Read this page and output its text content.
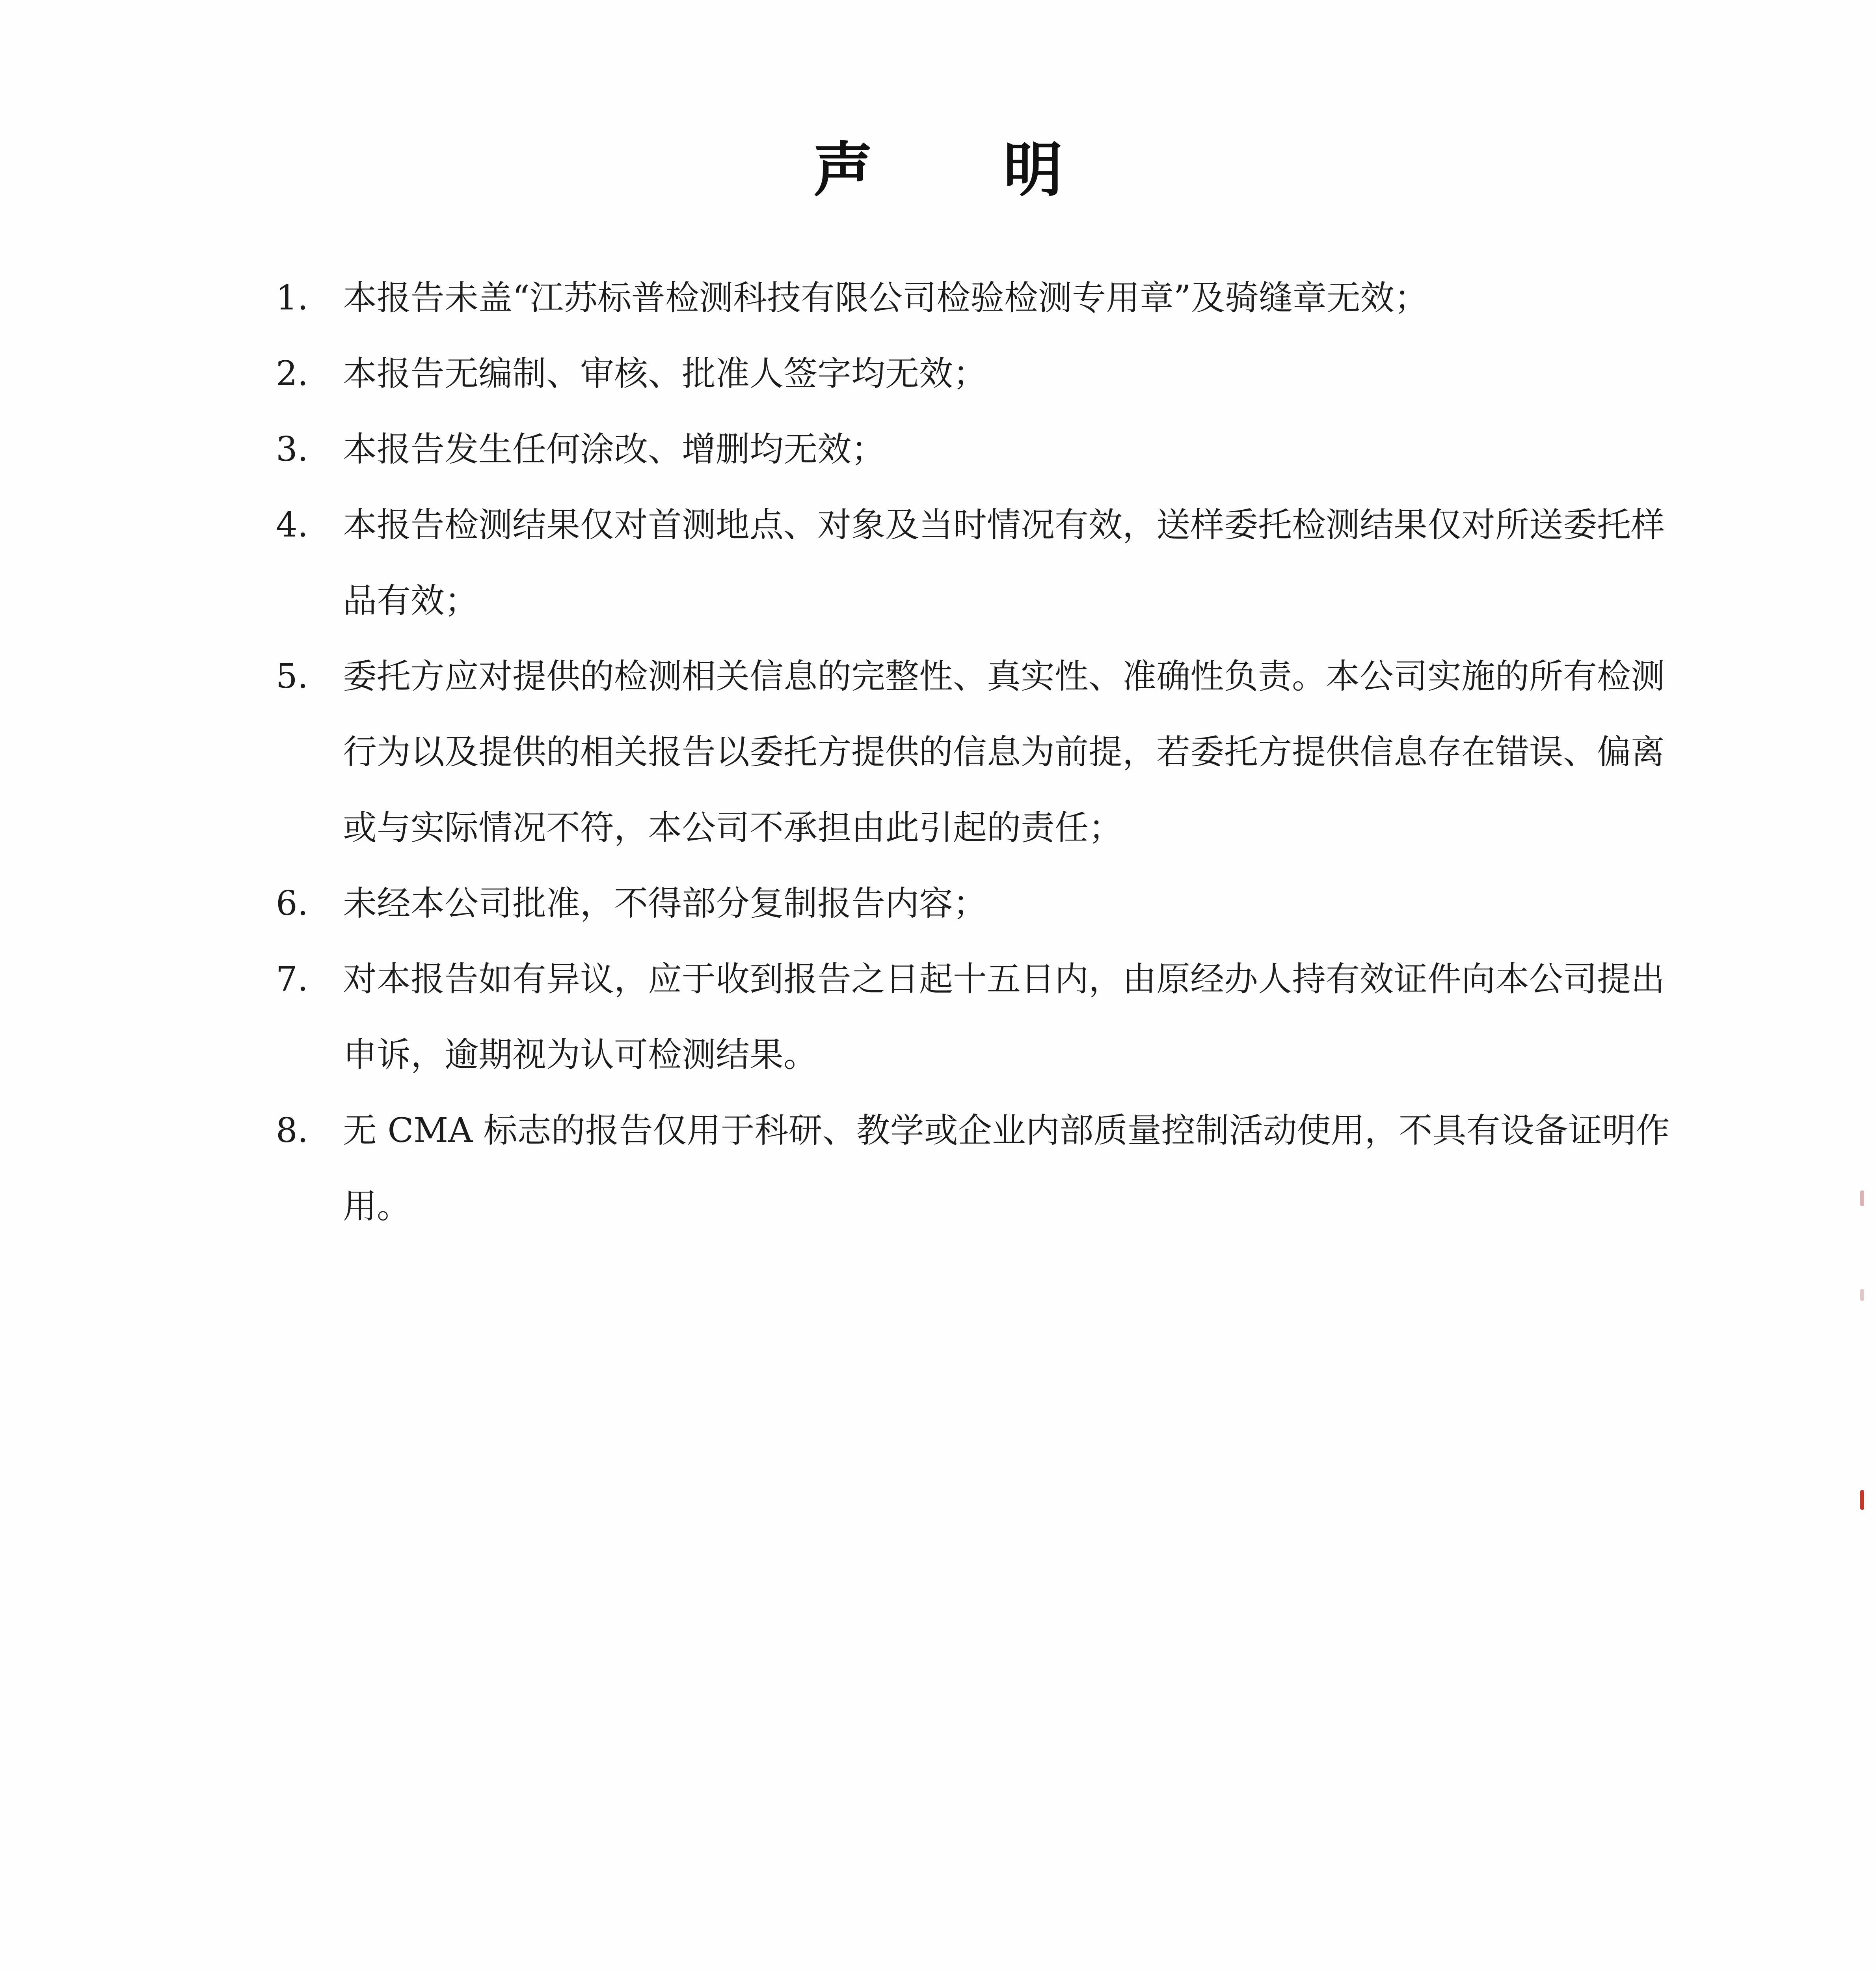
声 明
1.	本报告未盖“江苏标普检测科技有限公司检验检测专用章”及骑缝章无效；
2.	本报告无编制、审核、批准人签字均无效；
3.	本报告发生任何涂改、增删均无效；
4.	本报告检测结果仅对首测地点、对象及当时情况有效，送样委托检测结果仅对所送委托样品有效；
5.	委托方应对提供的检测相关信息的完整性、真实性、准确性负责。本公司实施的所有检测行为以及提供的相关报告以委托方提供的信息为前提，若委托方提供信息存在错误、偏离或与实际情况不符，本公司不承担由此引起的责任；
6.	未经本公司批准，不得部分复制报告内容；
7.	对本报告如有异议，应于收到报告之日起十五日内，由原经办人持有效证件向本公司提出申诉，逾期视为认可检测结果。
8.	无 CMA 标志的报告仅用于科研、教学或企业内部质量控制活动使用，不具有设备证明作用。
